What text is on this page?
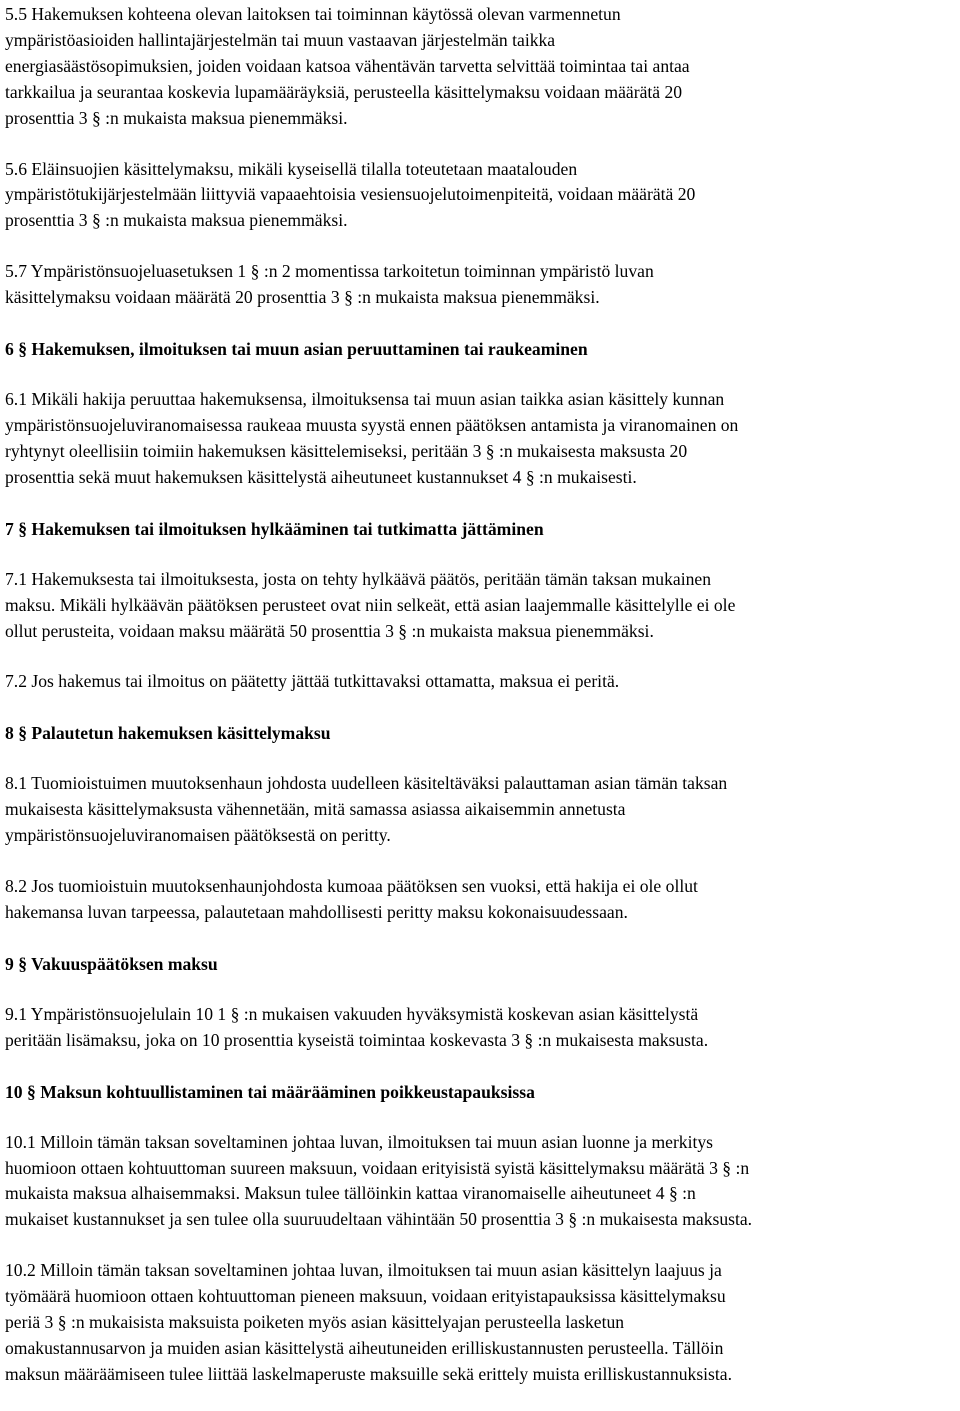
5.5 Hakemuksen kohteena olevan laitoksen tai toiminnan käytössä olevan varmennetun
ympäristöasioiden hallintajärjestelmän tai muun vastaavan järjestelmän taikka
energiasäästösopimuksien, joiden voidaan katsoa vähentävän tarvetta selvittää toimintaa tai antaa
tarkkailua ja seurantaa koskevia lupamääräyksiä, perusteella käsittelymaksu voidaan määrätä 20
prosenttia 3 § :n mukaista maksua pienemmäksi.

5.6 Eläinsuojien käsittelymaksu, mikäli kyseisellä tilalla toteutetaan maatalouden
ympäristötukijärjestelmään liittyviä vapaaehtoisia vesiensuojelutoimenpiteitä, voidaan määrätä 20
prosenttia 3 § :n mukaista maksua pienemmäksi.

5.7 Ympäristönsuojeluasetuksen 1 § :n 2 momentissa tarkoitetun toiminnan ympäristö luvan
käsittelymaksu voidaan määrätä 20 prosenttia 3 § :n mukaista maksua pienemmäksi.

6 § Hakemuksen, ilmoituksen tai muun asian peruuttaminen tai raukeaminen

6.1 Mikäli hakija peruuttaa hakemuksensa, ilmoituksensa tai muun asian taikka asian käsittely kunnan
ympäristönsuojeluviranomaisessa raukeaa muusta syystä ennen päätöksen antamista ja viranomainen on
ryhtynyt oleellisiin toimiin hakemuksen käsittelemiseksi, peritään 3 § :n mukaisesta maksusta 20
prosenttia sekä muut hakemuksen käsittelystä aiheutuneet kustannukset 4 § :n mukaisesti.

7 § Hakemuksen tai ilmoituksen hylkääminen tai tutkimatta jättäminen

7.1 Hakemuksesta tai ilmoituksesta, josta on tehty hylkäävä päätös, peritään tämän taksan mukainen
maksu. Mikäli hylkäävän päätöksen perusteet ovat niin selkeät, että asian laajemmalle käsittelylle ei ole
ollut perusteita, voidaan maksu määrätä 50 prosenttia 3 § :n mukaista maksua pienemmäksi.

7.2 Jos hakemus tai ilmoitus on päätetty jättää tutkittavaksi ottamatta, maksua ei peritä.

8 § Palautetun hakemuksen käsittelymaksu

8.1 Tuomioistuimen muutoksenhaun johdosta uudelleen käsiteltäväksi palauttaman asian tämän taksan
mukaisesta käsittelymaksusta vähennetään, mitä samassa asiassa aikaisemmin annetusta
ympäristönsuojeluviranomaisen päätöksestä on peritty.

8.2 Jos tuomioistuin muutoksenhaunjohdosta kumoaa päätöksen sen vuoksi, että hakija ei ole ollut
hakemansa luvan tarpeessa, palautetaan mahdollisesti peritty maksu kokonaisuudessaan.

9 § Vakuuspäätöksen maksu

9.1 Ympäristönsuojelulain 10 1 § :n mukaisen vakuuden hyväksymistä koskevan asian käsittelystä
peritään lisämaksu, joka on 10 prosenttia kyseistä toimintaa koskevasta 3 § :n mukaisesta maksusta.

10 § Maksun kohtuullistaminen tai määrääminen poikkeustapauksissa

10.1 Milloin tämän taksan soveltaminen johtaa luvan, ilmoituksen tai muun asian luonne ja merkitys
huomioon ottaen kohtuuttoman suureen maksuun, voidaan erityisistä syistä käsittelymaksu määrätä 3 § :n
mukaista maksua alhaisemmaksi. Maksun tulee tällöinkin kattaa viranomaiselle aiheutuneet 4 § :n
mukaiset kustannukset ja sen tulee olla suuruudeltaan vähintään 50 prosenttia 3 § :n mukaisesta maksusta.

10.2 Milloin tämän taksan soveltaminen johtaa luvan, ilmoituksen tai muun asian käsittelyn laajuus ja
työmäärä huomioon ottaen kohtuuttoman pieneen maksuun, voidaan erityistapauksissa käsittelymaksu
periä 3 § :n mukaisista maksuista poiketen myös asian käsittelyajan perusteella lasketun
omakustannusarvon ja muiden asian käsittelystä aiheutuneiden erilliskustannusten perusteella. Tällöin
maksun määräämiseen tulee liittää laskelmaperuste maksuille sekä erittely muista erilliskustannuksista.
